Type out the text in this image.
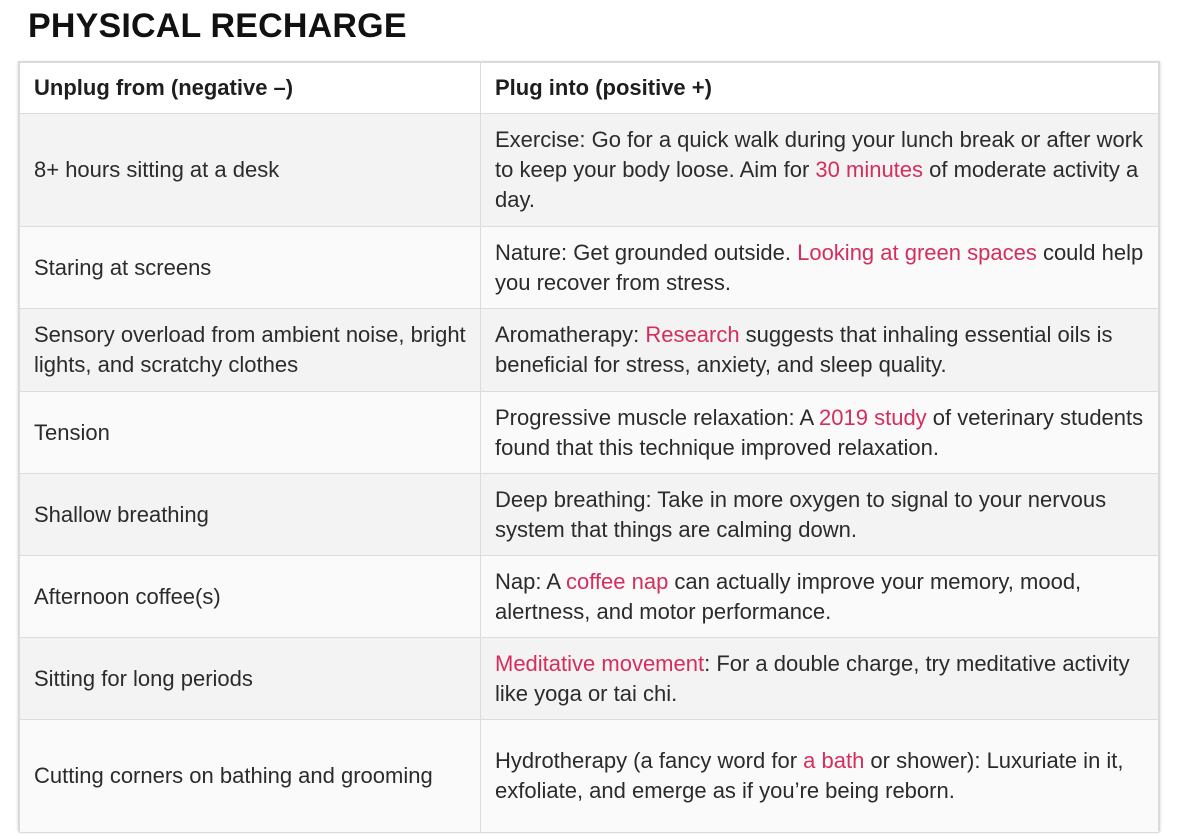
PHYSICAL RECHARGE
Unplug from (negative –)	Plug into (positive +)
8+ hours sitting at a desk	Exercise: Go for a quick walk during your lunch break or after work to keep your body loose. Aim for 30 minutes of moderate activity a day.
Staring at screens	Nature: Get grounded outside. Looking at green spaces could help you recover from stress.
Sensory overload from ambient noise, bright lights, and scratchy clothes	Aromatherapy: Research suggests that inhaling essential oils is beneficial for stress, anxiety, and sleep quality.
Tension	Progressive muscle relaxation: A 2019 study of veterinary students found that this technique improved relaxation.
Shallow breathing	Deep breathing: Take in more oxygen to signal to your nervous system that things are calming down.
Afternoon coffee(s)	Nap: A coffee nap can actually improve your memory, mood, alertness, and motor performance.
Sitting for long periods	Meditative movement: For a double charge, try meditative activity like yoga or tai chi.
Cutting corners on bathing and grooming	Hydrotherapy (a fancy word for a bath or shower): Luxuriate in it, exfoliate, and emerge as if you’re being reborn.
